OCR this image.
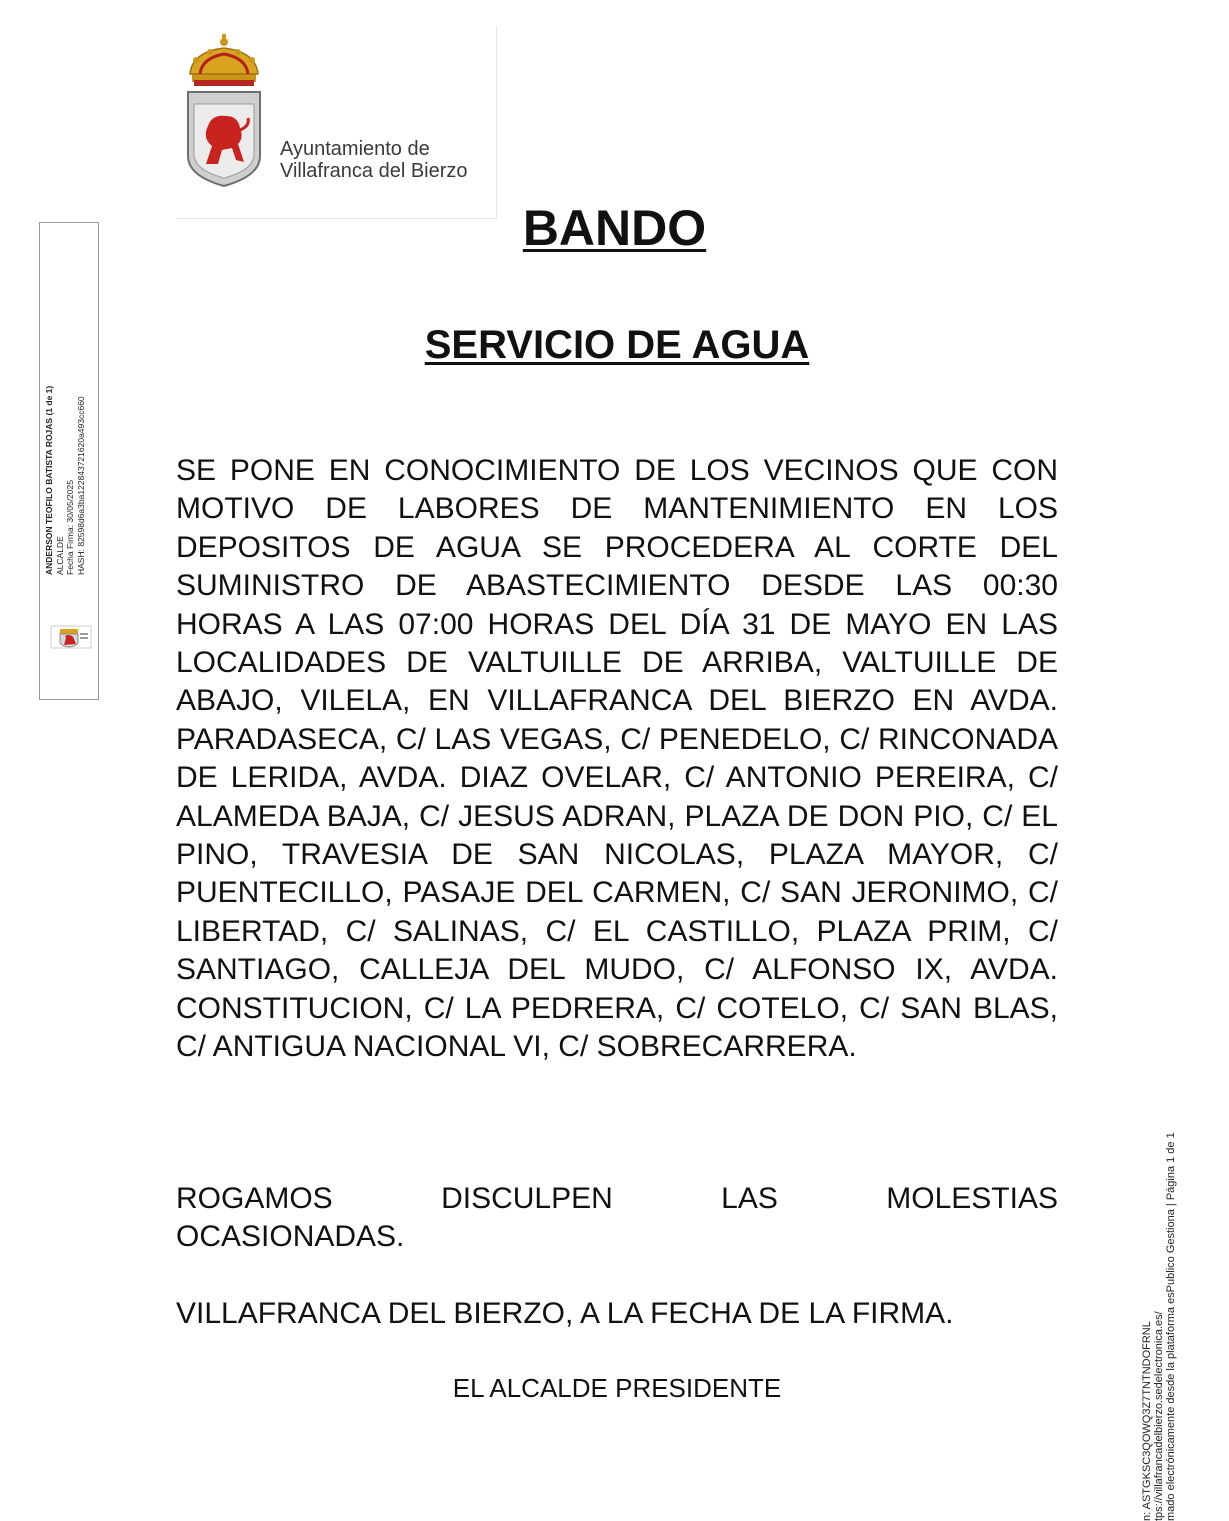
Ayuntamiento de
Villafranca del Bierzo
ANDERSON TEOFILO BATISTA ROJAS (1 de 1) ALCALDE Fecha Firma: 30/05/2025 HASH: 82598d6a3ba122843721620a493cc660
BANDO
SERVICIO DE AGUA

SE PONE EN CONOCIMIENTO DE LOS VECINOS QUE CON MOTIVO DE LABORES DE MANTENIMIENTO EN LOS DEPOSITOS DE AGUA SE PROCEDERA AL CORTE DEL SUMINISTRO DE ABASTECIMIENTO DESDE LAS 00:30 HORAS A LAS 07:00 HORAS DEL DÍA 31 DE MAYO EN LAS LOCALIDADES DE VALTUILLE DE ARRIBA, VALTUILLE DE ABAJO, VILELA, EN VILLAFRANCA DEL BIERZO EN AVDA. PARADASECA, C/ LAS VEGAS, C/ PENEDELO, C/ RINCONADA DE LERIDA, AVDA. DIAZ OVELAR, C/ ANTONIO PEREIRA, C/ ALAMEDA BAJA, C/ JESUS ADRAN, PLAZA DE DON PIO, C/ EL PINO, TRAVESIA DE SAN NICOLAS, PLAZA MAYOR, C/ PUENTECILLO, PASAJE DEL CARMEN, C/ SAN JERONIMO, C/ LIBERTAD, C/ SALINAS, C/ EL CASTILLO, PLAZA PRIM, C/ SANTIAGO, CALLEJA DEL MUDO, C/ ALFONSO IX, AVDA. CONSTITUCION, C/ LA PEDRERA, C/ COTELO, C/ SAN BLAS, C/ ANTIGUA NACIONAL VI, C/ SOBRECARRERA.

ROGAMOS	DISCULPEN	LAS	MOLESTIAS
OCASIONADAS.

VILLAFRANCA DEL BIERZO, A LA FECHA DE LA FIRMA.

EL ALCALDE PRESIDENTE	n: ASTGKSC3QOWQ3Z7TNTNDOFRNL tps://villafrancadelbierzo.sedelectronica.es/ mado electrónicamente desde la plataforma esPublico Gestiona | Página 1 de 1
